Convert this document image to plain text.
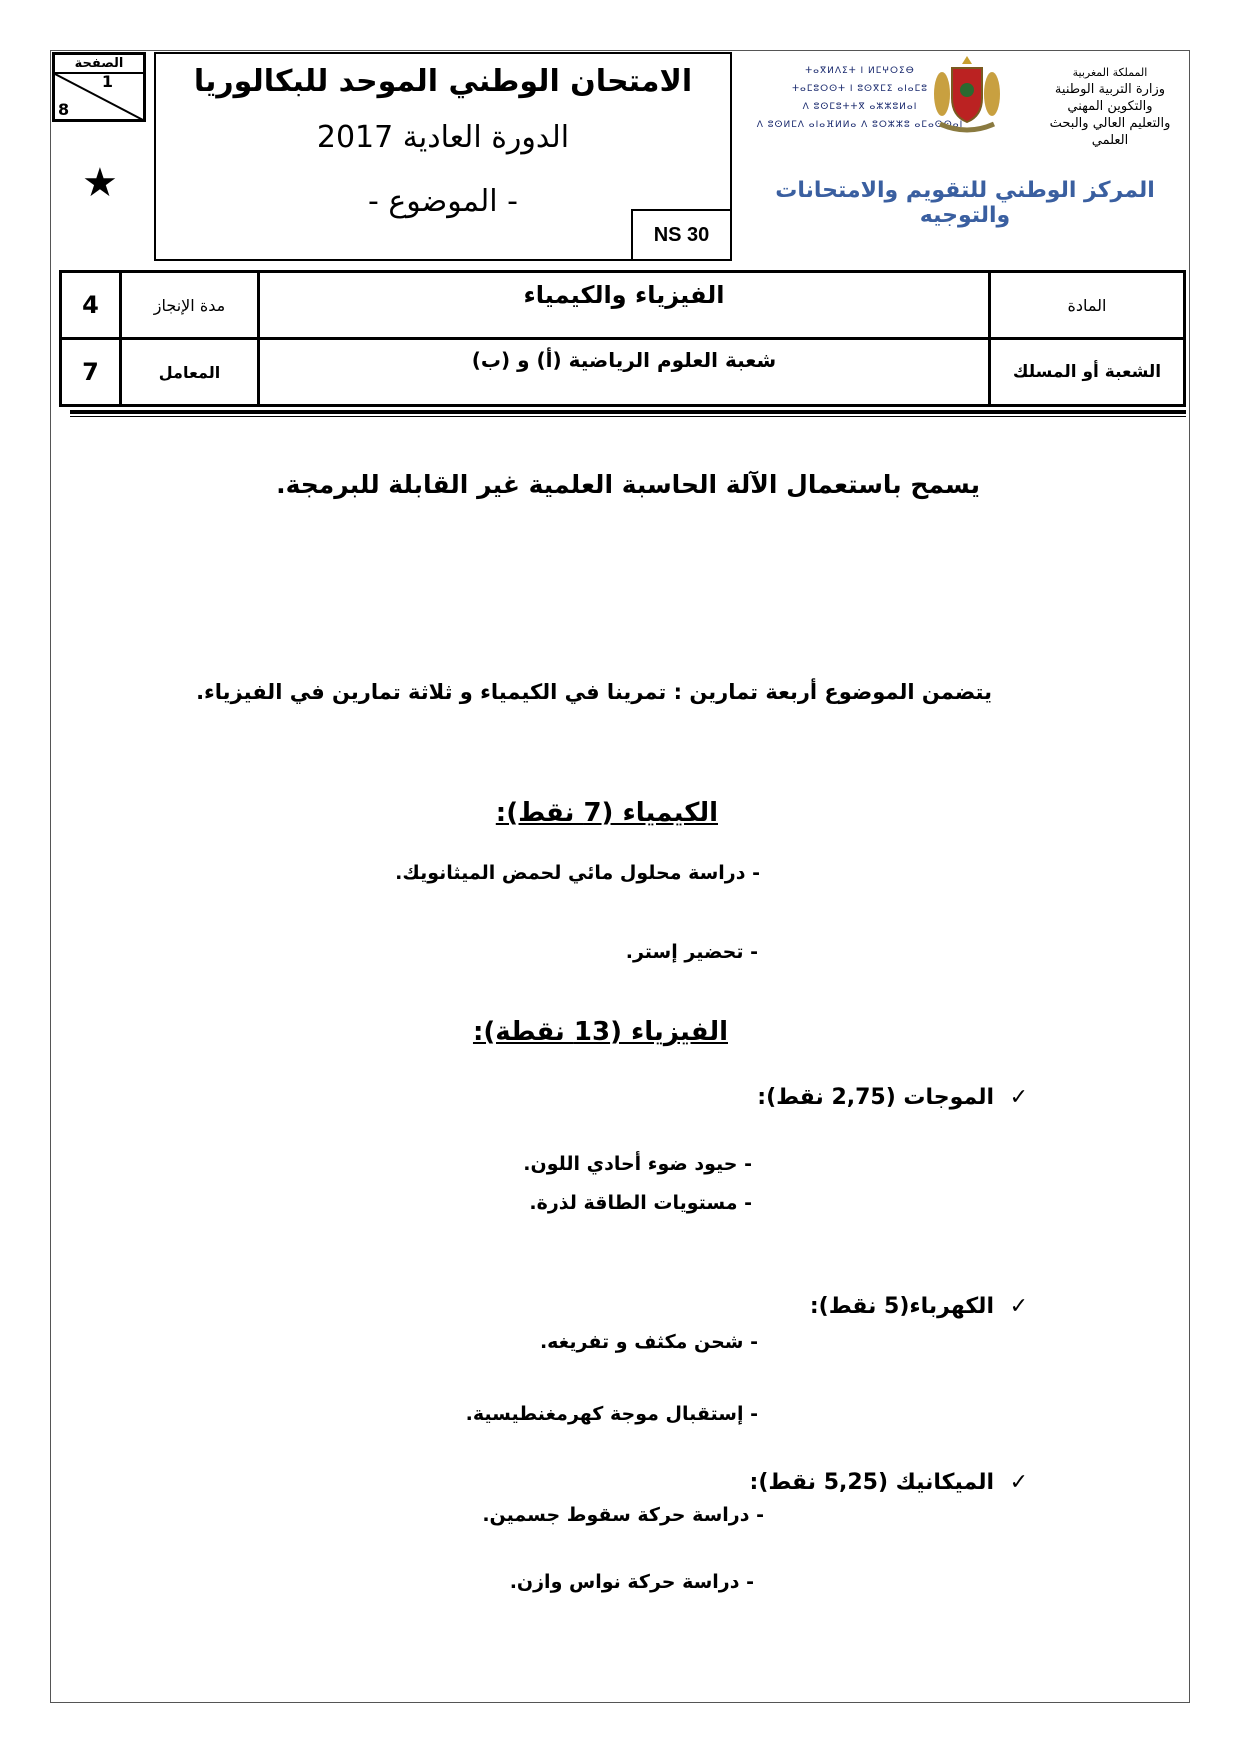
الصفحة
1
8
★
الامتحان الوطني الموحد للبكالوريا
الدورة العادية 2017
- الموضوع -
NS 30
ⵜⴰⴳⵍⴷⵉⵜ ⵏ ⵍⵎⵖⵔⵉⴱ
ⵜⴰⵎⵓⵔⵙⵜ ⵏ ⵓⵙⴳⵎⵉ ⴰⵏⴰⵎⵓ
ⴷ ⵓⵙⵎⵓⵜⵜⴳ ⴰⵣⵣⵓⵍⴰⵏ
ⴷ ⵓⵙⵍⵎⴷ ⴰⵏⴰⴼⵍⵍⴰ ⴷ ⵓⵔⵣⵣⵓ ⴰⵎⴰⵙⵙⴰⵏ
المملكة المغربية
وزارة التربية الوطنية
والتكوين المهني
والتعليم العالي والبحث العلمي
المركز الوطني للتقويم والامتحانات والتوجيه
4	مدة الإنجاز	الفيزياء والكيمياء	المادة
7	المعامل	شعبة العلوم الرياضية (أ) و (ب)	الشعبة أو المسلك
يسمح باستعمال الآلة الحاسبة العلمية غير القابلة للبرمجة.
يتضمن الموضوع أربعة تمارين : تمرينا في الكيمياء و ثلاثة تمارين في الفيزياء.
الكيمياء (7 نقط):
- دراسة محلول مائي لحمض الميثانويك.
- تحضير إستر.
الفيزياء (13 نقطة):
✓
الموجات (2,75 نقط):
- حيود ضوء أحادي اللون.
- مستويات الطاقة لذرة.
✓
الكهرباء(5 نقط):
- شحن مكثف و تفريغه.
- إستقبال موجة كهرمغنطيسية.
✓
الميكانيك (5,25 نقط):
- دراسة حركة سقوط جسمين.
- دراسة حركة نواس وازن.
